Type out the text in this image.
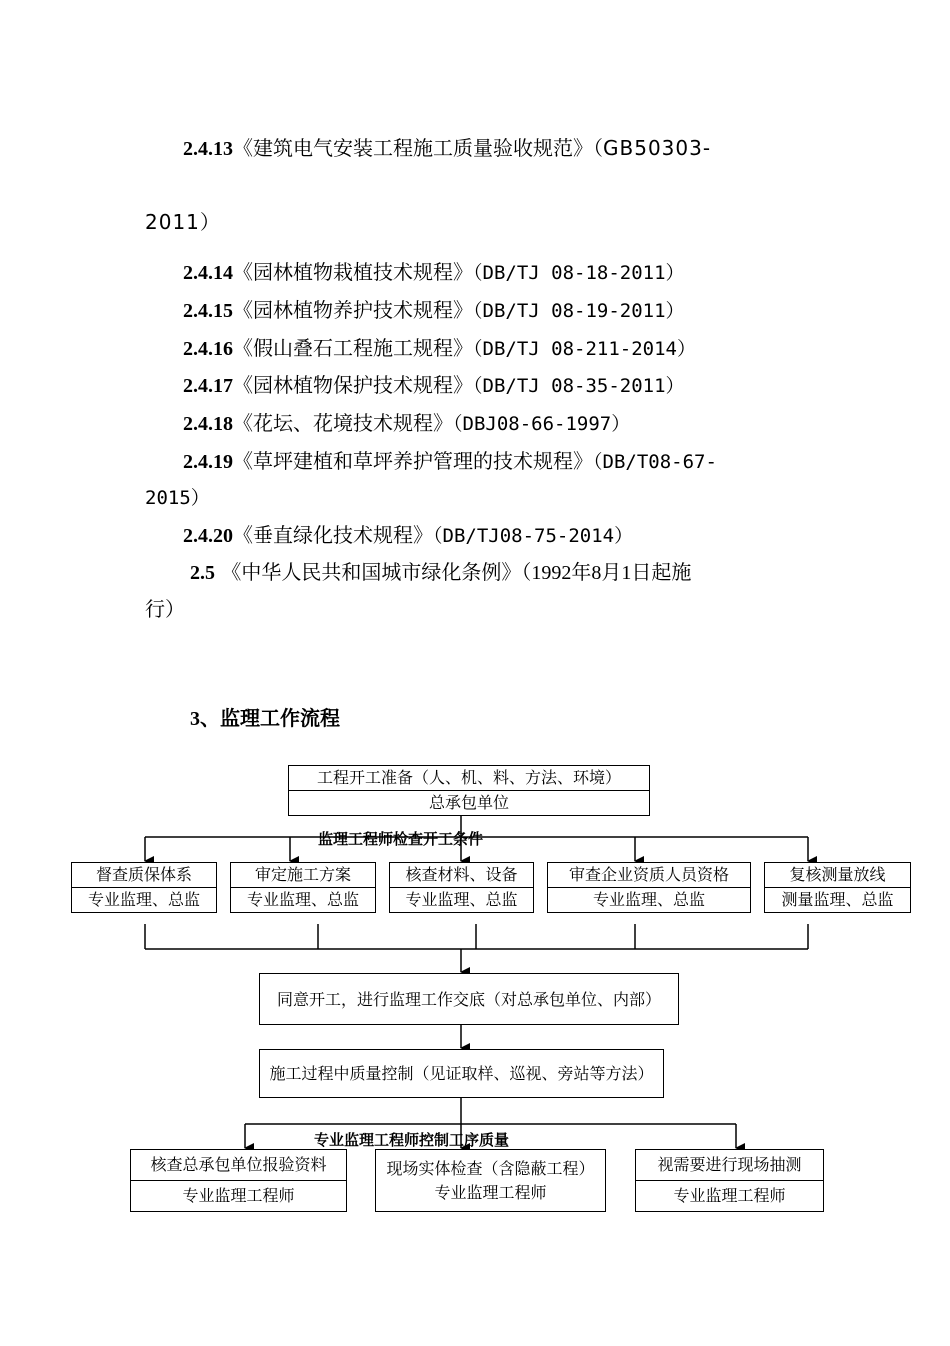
2.4.13《建筑电气安装工程施工质量验收规范》（GB50303-
2011）
2.4.14《园林植物栽植技术规程》（DB/TJ 08-18-2011）
2.4.15《园林植物养护技术规程》（DB/TJ 08-19-2011）
2.4.16《假山叠石工程施工规程》（DB/TJ 08-211-2014）
2.4.17《园林植物保护技术规程》（DB/TJ 08-35-2011）
2.4.18《花坛、花境技术规程》（DBJ08-66-1997）
2.4.19《草坪建植和草坪养护管理的技术规程》（DB/T08-67-
2015）
2.4.20《垂直绿化技术规程》（DB/TJ08-75-2014）
2.5 《中华人民共和国城市绿化条例》（1992年8月1日起施
行）
3、监理工作流程
工程开工准备（人、机、料、方法、环境）
总承包单位
监理工程师检查开工条件
督查质保体系
专业监理、总监
审定施工方案
专业监理、总监
核查材料、设备
专业监理、总监
审查企业资质人员资格
专业监理、总监
复核测量放线
测量监理、总监
同意开工，进行监理工作交底（对总承包单位、内部）
施工过程中质量控制（见证取样、巡视、旁站等方法）
专业监理工程师控制工序质量
核查总承包单位报验资料
专业监理工程师
现场实体检查（含隐蔽工程）专业监理工程师
视需要进行现场抽测
专业监理工程师
